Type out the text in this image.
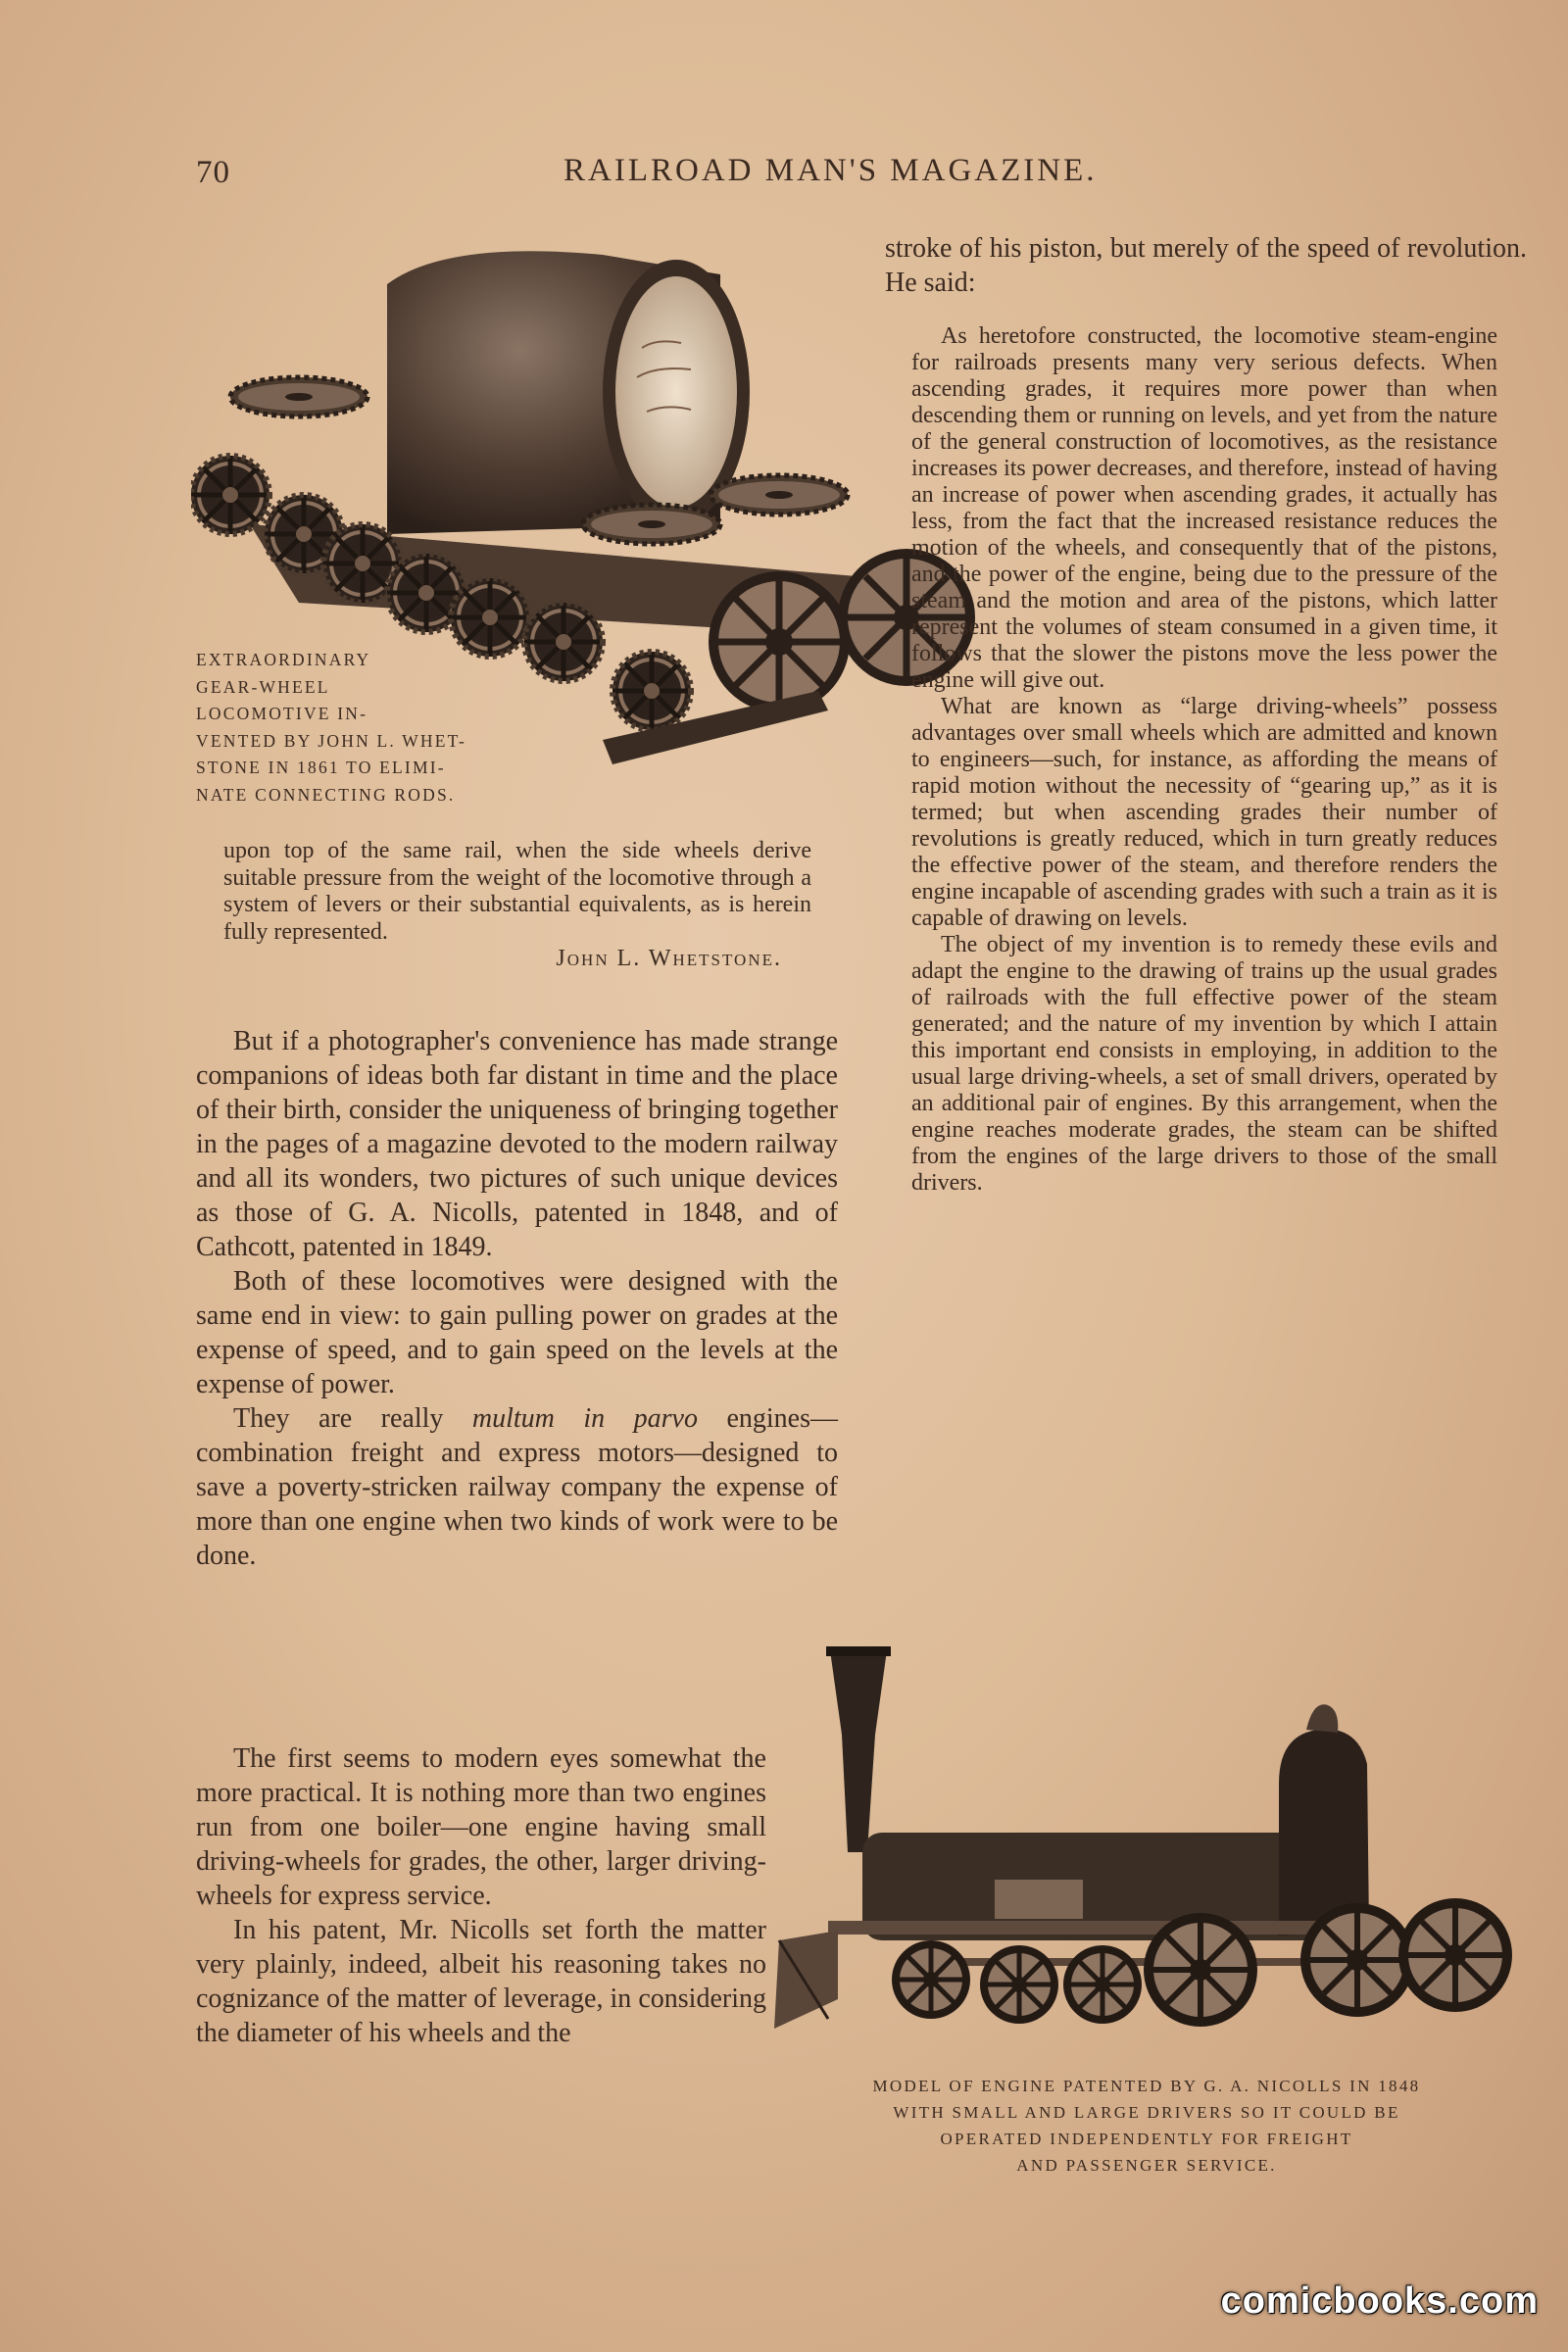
70	RAILROAD MAN'S MAGAZINE.
EXTRAORDINARY
GEAR-WHEEL
LOCOMOTIVE IN-
VENTED BY JOHN L. WHET-
STONE IN 1861 TO ELIMI-
NATE CONNECTING RODS.
upon top of the same rail, when the side wheels derive suitable pressure from the weight of the locomotive through a system of levers or their substantial equivalents, as is herein fully represented.
John L. Whetstone.

But if a photographer's convenience has made strange companions of ideas both far distant in time and the place of their birth, consider the uniqueness of bringing together in the pages of a magazine devoted to the modern railway and all its wonders, two pictures of such unique devices as those of G. A. Nicolls, patented in 1848, and of Cathcott, patented in 1849.

Both of these locomotives were designed with the same end in view: to gain pulling power on grades at the expense of speed, and to gain speed on the levels at the expense of power.

They are really multum in parvo engines—combination freight and express motors—designed to save a poverty-stricken railway company the expense of more than one engine when two kinds of work were to be done.

The first seems to modern eyes somewhat the more practical. It is nothing more than two engines run from one boiler—one engine having small driving-wheels for grades, the other, larger driving-wheels for express service.

In his patent, Mr. Nicolls set forth the matter very plainly, indeed, albeit his reasoning takes no cognizance of the matter of leverage, in considering the diameter of his wheels and the

stroke of his piston, but merely of the speed of revolution. He said:

As heretofore constructed, the locomotive steam-engine for railroads presents many very serious defects. When ascending grades, it requires more power than when descending them or running on levels, and yet from the nature of the general construction of locomotives, as the resistance increases its power decreases, and therefore, instead of having an increase of power when ascending grades, it actually has less, from the fact that the increased resistance reduces the motion of the wheels, and consequently that of the pistons, and the power of the engine, being due to the pressure of the steam and the motion and area of the pistons, which latter represent the volumes of steam consumed in a given time, it follows that the slower the pistons move the less power the engine will give out.

What are known as “large driving-wheels” possess advantages over small wheels which are admitted and known to engineers—such, for instance, as affording the means of rapid motion without the necessity of “gearing up,” as it is termed; but when ascending grades their number of revolutions is greatly reduced, which in turn greatly reduces the effective power of the steam, and therefore renders the engine incapable of ascending grades with such a train as it is capable of drawing on levels.

The object of my invention is to remedy these evils and adapt the engine to the drawing of trains up the usual grades of railroads with the full effective power of the steam generated; and the nature of my invention by which I attain this important end consists in employing, in addition to the usual large driving-wheels, a set of small drivers, operated by an additional pair of engines. By this arrangement, when the engine reaches moderate grades, the steam can be shifted from the engines of the large drivers to those of the small drivers.

MODEL OF ENGINE PATENTED BY G. A. NICOLLS IN 1848
WITH SMALL AND LARGE DRIVERS SO IT COULD BE
OPERATED INDEPENDENTLY FOR FREIGHT
AND PASSENGER SERVICE.
comicbooks.com
